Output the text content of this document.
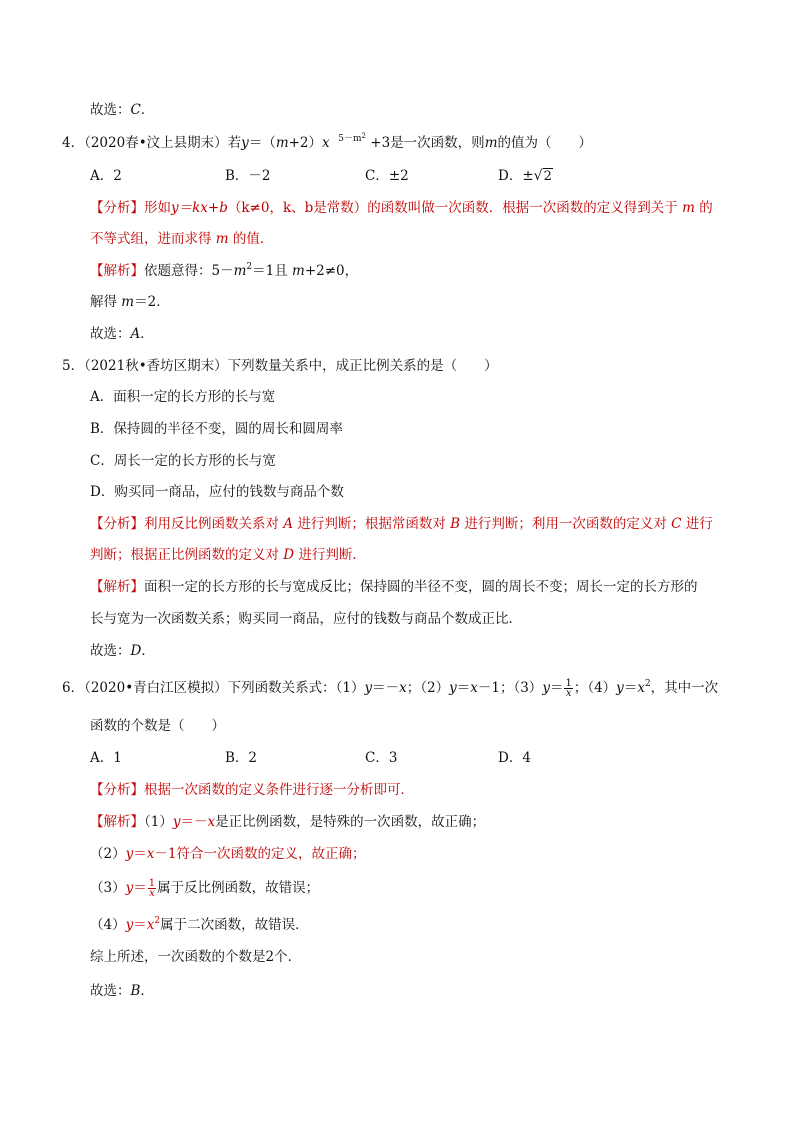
故选：C．
4．（2020春•汶上县期末）若y＝（m+2）x $^{5-m2}$ +3是一次函数，则m的值为（　　）
A．2	B．－2	C．±2	D．±√2
【分析】形如y＝kx+b（k≠0，k、b是常数）的函数叫做一次函数．根据一次函数的定义得到关于 m 的
不等式组，进而求得 m 的值．
【解析】依题意得：$5-m^2=1$且 m+2≠0，
解得 m＝2．
故选：A．
5．（2021秋•香坊区期末）下列数量关系中，成正比例关系的是（　　）
A．面积一定的长方形的长与宽
B．保持圆的半径不变，圆的周长和圆周率
C．周长一定的长方形的长与宽
D．购买同一商品，应付的钱数与商品个数
【分析】利用反比例函数关系对 A 进行判断；根据常函数对 B 进行判断；利用一次函数的定义对 C 进行
判断；根据正比例函数的定义对 D 进行判断．
【解析】面积一定的长方形的长与宽成反比；保持圆的半径不变，圆的周长不变；周长一定的长方形的
长与宽为一次函数关系；购买同一商品，应付的钱数与商品个数成正比．
故选：D．
6．（2020•青白江区模拟）下列函数关系式：（1）y＝－x；（2）y＝x－1；$(3)y= \frac{1}{x}$ ；$(4)y=x^2$，其中一次
函数的个数是（　　）
A．1	B．2	C．3	D．4
【分析】根据一次函数的定义条件进行逐一分析即可．
【解析】（1）y＝－x是正比例函数，是特殊的一次函数，故正确；
（2）y＝x－1符合一次函数的定义，故正确；
$(3)y= \frac{1}{x}$ 属于反比例函数，故错误；
$(4)y=x^2$属于二次函数，故错误．
综上所述，一次函数的个数是2个．
故选：B．
